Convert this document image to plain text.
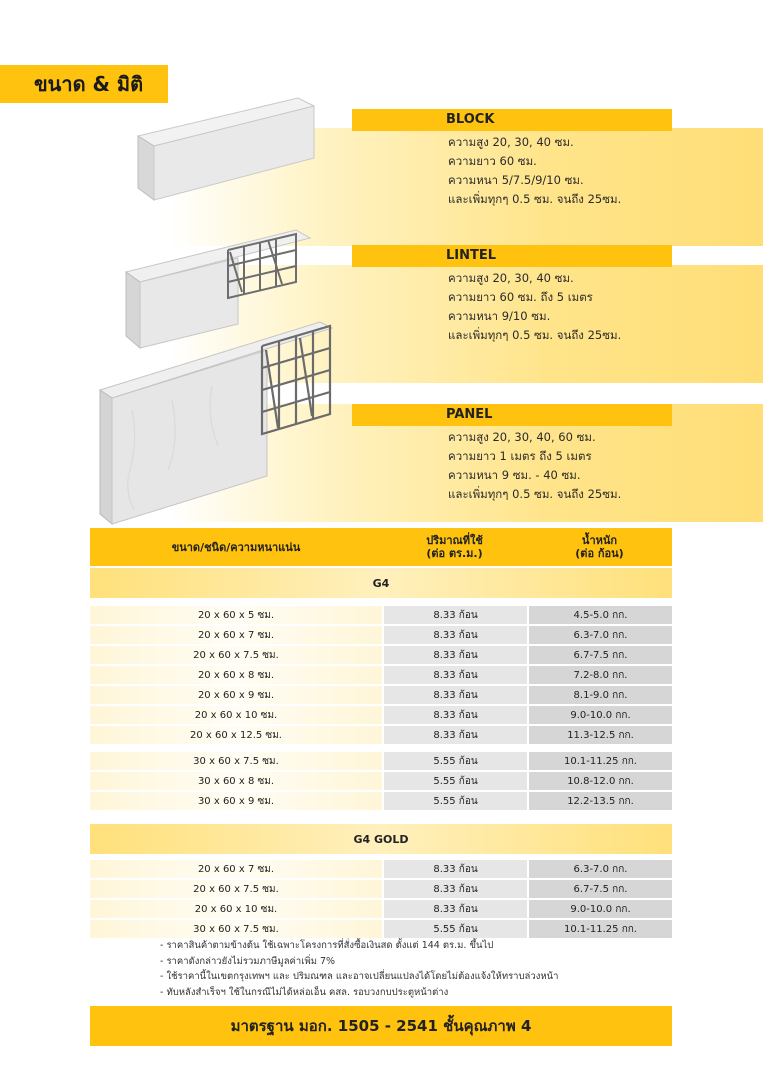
ขนาด & มิติ
BLOCK
ความสูง 20, 30, 40 ซม.
ความยาว 60 ซม.
ความหนา 5/7.5/9/10 ซม.
และเพิ่มทุกๆ 0.5 ซม. จนถึง 25ซม.
LINTEL
ความสูง 20, 30, 40 ซม.
ความยาว 60 ซม. ถึง 5 เมตร
ความหนา 9/10 ซม.
และเพิ่มทุกๆ 0.5 ซม. จนถึง 25ซม.
PANEL
ความสูง 20, 30, 40, 60 ซม.
ความยาว 1 เมตร ถึง 5 เมตร
ความหนา 9 ซม. - 40 ซม.
และเพิ่มทุกๆ 0.5 ซม. จนถึง 25ซม.
ขนาด/ชนิด/ความหนาแน่น
ปริมาณที่ใช้
(ต่อ ตร.ม.)
น้ำหนัก
(ต่อ ก้อน)
G4
20 x 60 x 5 ซม.	8.33 ก้อน	4.5-5.0 กก.
20 x 60 x 7 ซม.	8.33 ก้อน	6.3-7.0 กก.
20 x 60 x 7.5 ซม.	8.33 ก้อน	6.7-7.5 กก.
20 x 60 x 8 ซม.	8.33 ก้อน	7.2-8.0 กก.
20 x 60 x 9 ซม.	8.33 ก้อน	8.1-9.0 กก.
20 x 60 x 10 ซม.	8.33 ก้อน	9.0-10.0 กก.
20 x 60 x 12.5 ซม.	8.33 ก้อน	11.3-12.5 กก.
30 x 60 x 7.5 ซม.	5.55 ก้อน	10.1-11.25 กก.
30 x 60 x 8 ซม.	5.55 ก้อน	10.8-12.0 กก.
30 x 60 x 9 ซม.	5.55 ก้อน	12.2-13.5 กก.
G4 GOLD
20 x 60 x 7 ซม.	8.33 ก้อน	6.3-7.0 กก.
20 x 60 x 7.5 ซม.	8.33 ก้อน	6.7-7.5 กก.
20 x 60 x 10 ซม.	8.33 ก้อน	9.0-10.0 กก.
30 x 60 x 7.5 ซม.	5.55 ก้อน	10.1-11.25 กก.
- ราคาสินค้าตามข้างต้น ใช้เฉพาะโครงการที่สั่งซื้อเงินสด ตั้งแต่ 144 ตร.ม. ขึ้นไป
- ราคาดังกล่าวยังไม่รวมภาษีมูลค่าเพิ่ม 7%
- ใช้ราคานี้ในเขตกรุงเทพฯ และ ปริมณฑล และอาจเปลี่ยนแปลงได้โดยไม่ต้องแจ้งให้ทราบล่วงหน้า
- ทับหลังสำเร็จฯ ใช้ในกรณีไม่ได้หล่อเอ็น คสล. รอบวงกบประตูหน้าต่าง
มาตรฐาน มอก. 1505 - 2541 ชั้นคุณภาพ 4
